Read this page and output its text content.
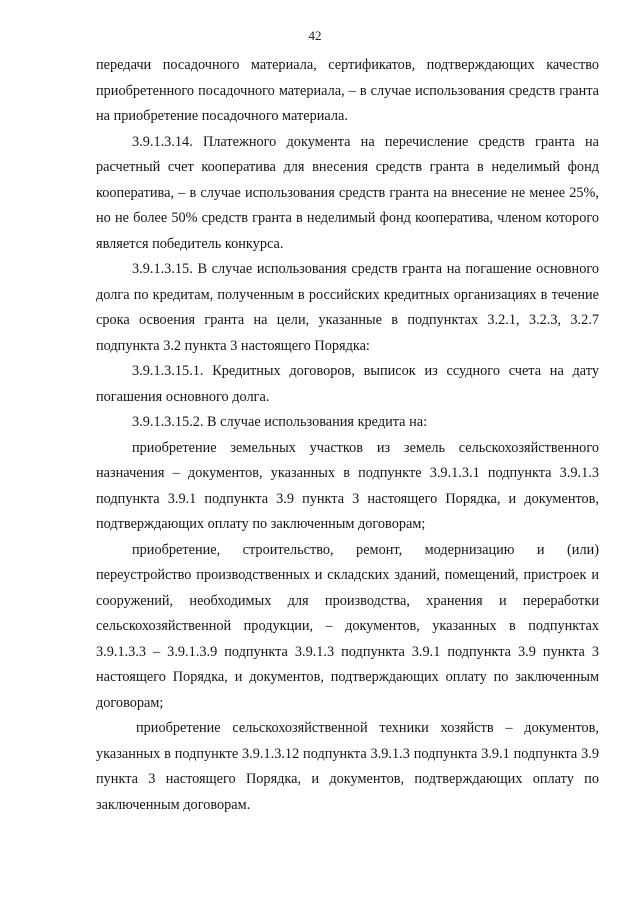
42

передачи посадочного материала, сертификатов, подтверждающих качество приобретенного посадочного материала, – в случае использования средств гранта на приобретение посадочного материала.

3.9.1.3.14. Платежного документа на перечисление средств гранта на расчетный счет кооператива для внесения средств гранта в неделимый фонд кооператива, – в случае использования средств гранта на внесение не менее 25%, но не более 50% средств гранта в неделимый фонд кооператива, членом которого является победитель конкурса.

3.9.1.3.15. В случае использования средств гранта на погашение основного долга по кредитам, полученным в российских кредитных организациях в течение срока освоения гранта на цели, указанные в подпунктах 3.2.1, 3.2.3, 3.2.7 подпункта 3.2 пункта 3 настоящего Порядка:

3.9.1.3.15.1. Кредитных договоров, выписок из ссудного счета на дату погашения основного долга.

3.9.1.3.15.2. В случае использования кредита на:

приобретение земельных участков из земель сельскохозяйственного назначения – документов, указанных в подпункте 3.9.1.3.1 подпункта 3.9.1.3 подпункта 3.9.1 подпункта 3.9 пункта 3 настоящего Порядка, и документов, подтверждающих оплату по заключенным договорам;

приобретение, строительство, ремонт, модернизацию и (или) переустройство производственных и складских зданий, помещений, пристроек и сооружений, необходимых для производства, хранения и переработки сельскохозяйственной продукции, – документов, указанных в подпунктах 3.9.1.3.3 – 3.9.1.3.9 подпункта 3.9.1.3 подпункта 3.9.1 подпункта 3.9 пункта 3 настоящего Порядка, и документов, подтверждающих оплату по заключенным договорам;

приобретение сельскохозяйственной техники хозяйств – документов, указанных в подпункте 3.9.1.3.12 подпункта 3.9.1.3 подпункта 3.9.1 подпункта 3.9 пункта 3 настоящего Порядка, и документов, подтверждающих оплату по заключенным договорам.
